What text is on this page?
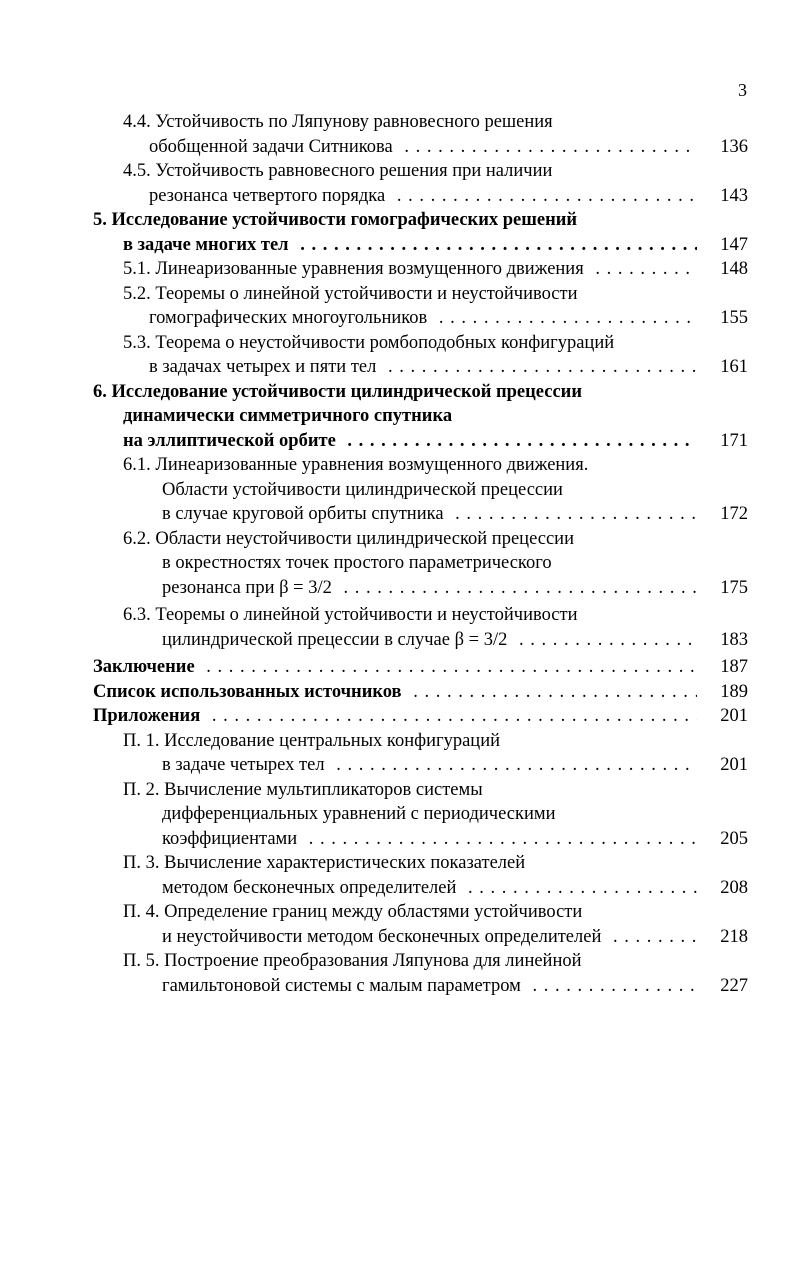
3
4.4. Устойчивость по Ляпунову равновесного решения
обобщенной задачи Ситникова . . .	136
4.5. Устойчивость равновесного решения при наличии
резонанса четвертого порядка . . .	143
5. Исследование устойчивости гомографических решений
в задаче многих тел . . .	147
5.1. Линеаризованные уравнения возмущенного движения . . .	148
5.2. Теоремы о линейной устойчивости и неустойчивости
гомографических многоугольников . . .	155
5.3. Теорема о неустойчивости ромбоподобных конфигураций
в задачах четырех и пяти тел . . .	161
6. Исследование устойчивости цилиндрической прецессии
динамически симметричного спутника
на эллиптической орбите . . .	171
6.1. Линеаризованные уравнения возмущенного движения.
Области устойчивости цилиндрической прецессии
в случае круговой орбиты спутника . . .	172
6.2. Области неустойчивости цилиндрической прецессии
в окрестностях точек простого параметрического
резонанса при β = 3/2 . . .	175
6.3. Теоремы о линейной устойчивости и неустойчивости
цилиндрической прецессии в случае β = 3/2 . . .	183
Заключение . . .	187
Список использованных источников . . .	189
Приложения . . .	201
П. 1. Исследование центральных конфигураций
в задаче четырех тел . . .	201
П. 2. Вычисление мультипликаторов системы
дифференциальных уравнений с периодическими
коэффициентами . . .	205
П. 3. Вычисление характеристических показателей
методом бесконечных определителей . . .	208
П. 4. Определение границ между областями устойчивости
и неустойчивости методом бесконечных определителей . . .	218
П. 5. Построение преобразования Ляпунова для линейной
гамильтоновой системы с малым параметром . . .	227
